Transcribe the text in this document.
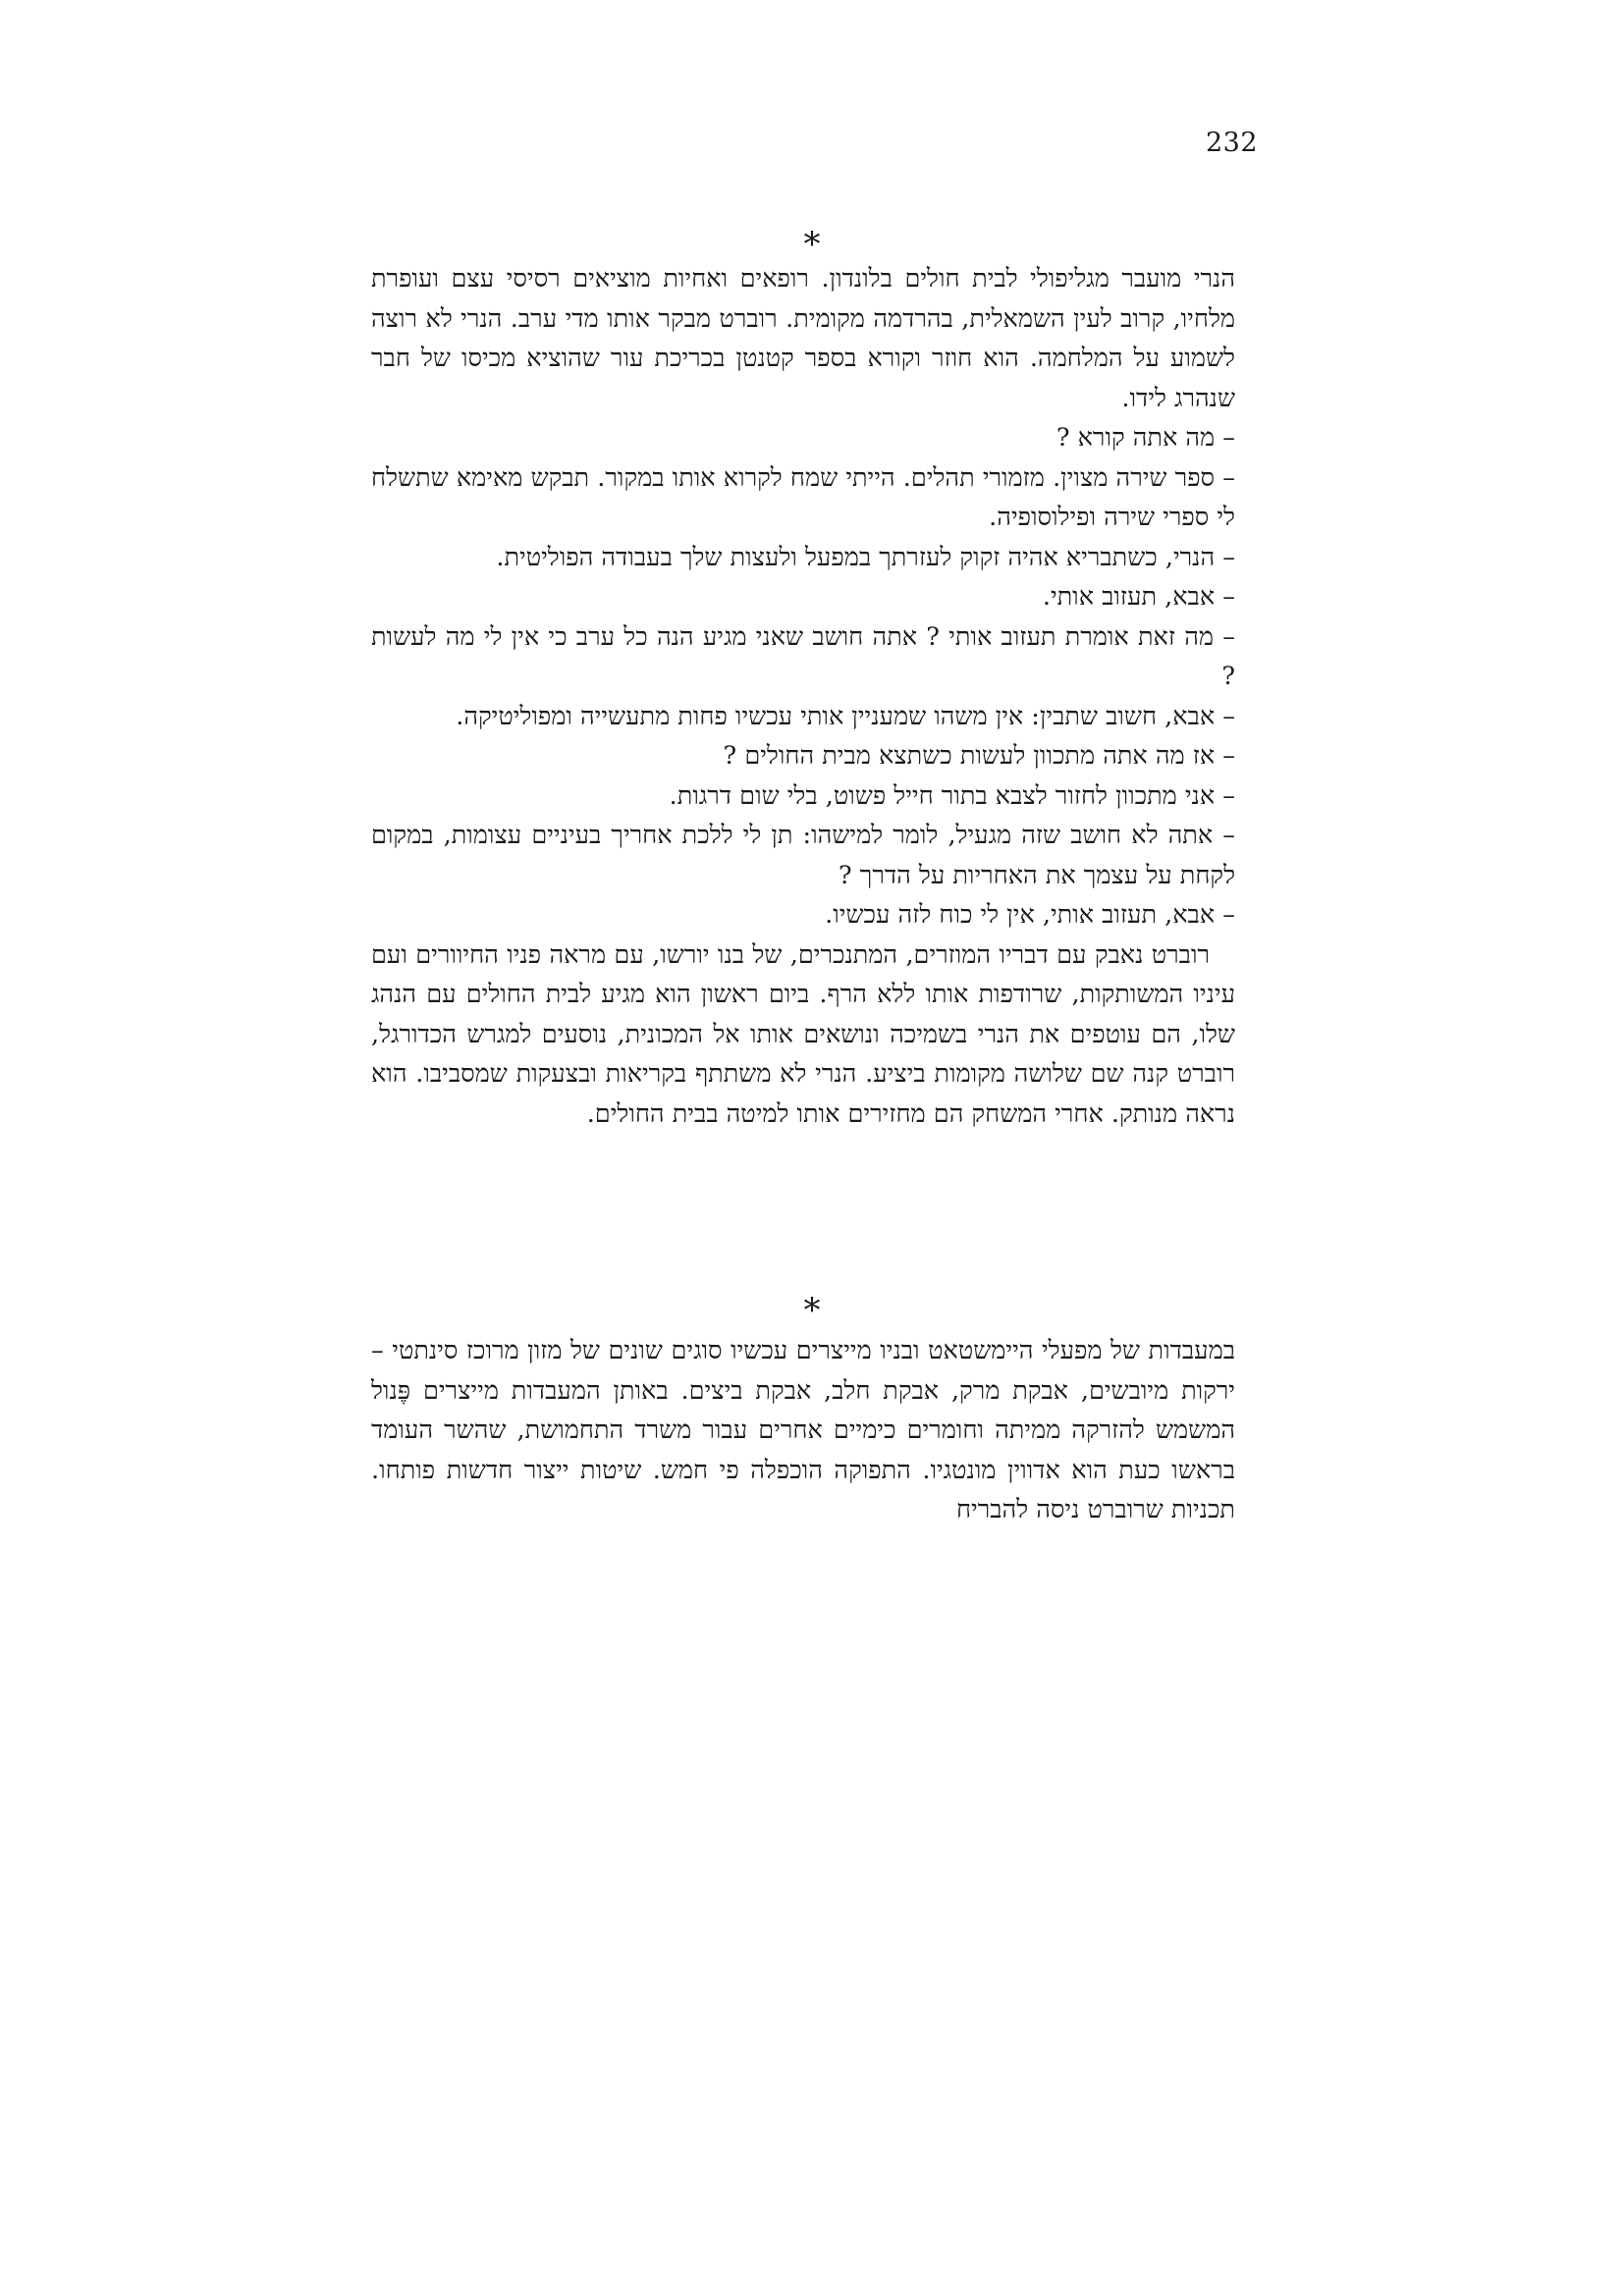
232
*

הנרי מועבר מגליפולי לבית חולים בלונדון. רופאים ואחיות מוציאים רסיסי עצם ועופרת מלחיו, קרוב לעין השמאלית, בהרדמה מקומית. רוברט מבקר אותו מדי ערב. הנרי לא רוצה לשמוע על המלחמה. הוא חוזר וקורא בספר קטנטן בכריכת עור שהוציא מכיסו של חבר שנהרג לידו.

– מה אתה קורא ?

– ספר שירה מצוין. מזמורי תהלים. הייתי שמח לקרוא אותו במקור. תבקש מאימא שתשלח לי ספרי שירה ופילוסופיה.

– הנרי, כשתבריא אהיה זקוק לעזרתך במפעל ולעצות שלך בעבודה הפוליטית.

– אבא, תעזוב אותי.

– מה זאת אומרת תעזוב אותי ? אתה חושב שאני מגיע הנה כל ערב כי אין לי מה לעשות ?

– אבא, חשוב שתבין: אין משהו שמעניין אותי עכשיו פחות מתעשייה ומפוליטיקה.

– אז מה אתה מתכוון לעשות כשתצא מבית החולים ?

– אני מתכוון לחזור לצבא בתור חייל פשוט, בלי שום דרגות.

– אתה לא חושב שזה מגעיל, לומר למישהו: תן לי ללכת אחריך בעיניים עצומות, במקום לקחת על עצמך את האחריות על הדרך ?

– אבא, תעזוב אותי, אין לי כוח לזה עכשיו.

רוברט נאבק עם דבריו המוזרים, המתנכרים, של בנו יורשו, עם מראה פניו החיוורים ועם עיניו המשותקות, שרודפות אותו ללא הרף. ביום ראשון הוא מגיע לבית החולים עם הנהג שלו, הם עוטפים את הנרי בשמיכה ונושאים אותו אל המכונית, נוסעים למגרש הכדורגל, רוברט קנה שם שלושה מקומות ביציע. הנרי לא משתתף בקריאות ובצעקות שמסביבו. הוא נראה מנותק. אחרי המשחק הם מחזירים אותו למיטה בבית החולים.

*

במעבדות של מפעלי היימשטאט ובניו מייצרים עכשיו סוגים שונים של מזון מרוכז סינתטי – ירקות מיובשים, אבקת מרק, אבקת חלב, אבקת ביצים. באותן המעבדות מייצרים פֶּנול המשמש להזרקה ממיתה וחומרים כימיים אחרים עבור משרד התחמושת, שהשר העומד בראשו כעת הוא אדווין מונטגיו. התפוקה הוכפלה פי חמש. שיטות ייצור חדשות פותחו. תכניות שרוברט ניסה להבריח
